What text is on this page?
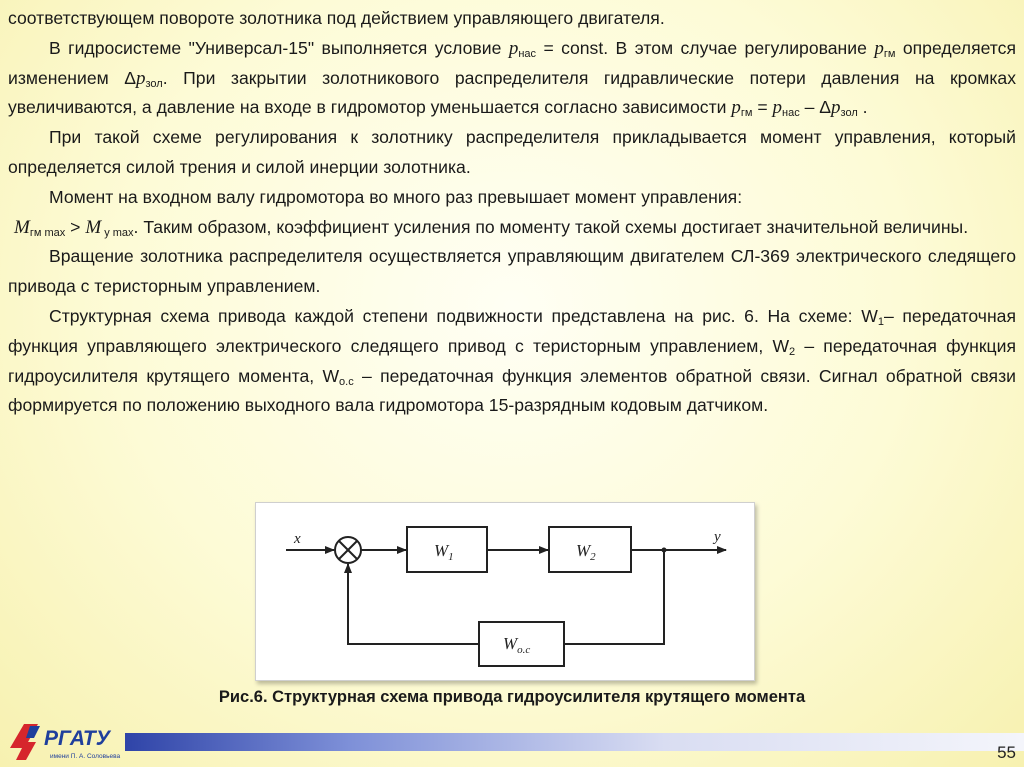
соответствующем повороте золотника под действием управляющего двигателя.

В гидросистеме "Универсал-15" выполняется условие $р_{нас}$ = const. В этом случае регулирование $р_{гм}$ определяется изменением $\Delta р_{зол}$. При закрытии золотникового распределителя гидравлические потери давления на кромках увеличиваются, а давление на входе в гидромотор уменьшается согласно зависимости $р_{гм} = р_{нас} - \Delta р_{зол}$ .

При такой схеме регулирования к золотнику распределителя прикладывается момент управления, который определяется силой трения и силой инерции золотника.

Момент на входном валу гидромотора во много раз превышает момент управления:

$М_{гм max} > М$ $_{у max}$. Таким образом, коэффициент усиления по моменту такой схемы достигает значительной величины.

Вращение золотника распределителя осуществляется управляющим двигателем СЛ-369 электрического следящего привода с теристорным управлением.

Структурная схема привода каждой степени подвижности представлена на рис. 6. На схеме: $W_1-$ передаточная функция управляющего электрического следящего привод с теристорным управлением, $W_2$ – передаточная функция гидроусилителя крутящего момента, $W_{о.с}$ – передаточная функция элементов обратной связи. Сигнал обратной связи формируется по положению выходного вала гидромотора 15-разрядным кодовым датчиком.

x	y
$W_1$	$W_2$
$W_{o.c}$
Рис.6. Структурная схема привода гидроусилителя крутящего момента
РГАТУ
имени П. А. Соловьева	55
